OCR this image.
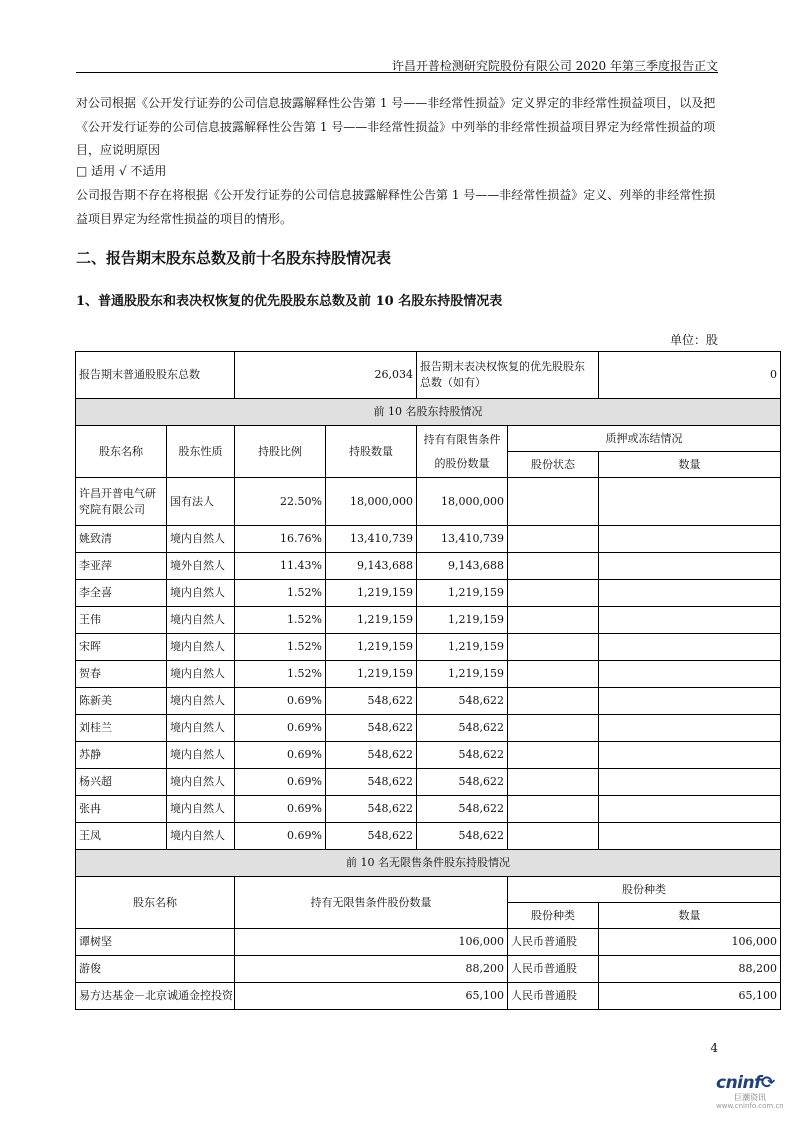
许昌开普检测研究院股份有限公司 2020 年第三季度报告正文
对公司根据《公开发行证券的公司信息披露解释性公告第 1 号——非经常性损益》定义界定的非经常性损益项目，以及把《公开发行证券的公司信息披露解释性公告第 1 号——非经常性损益》中列举的非经常性损益项目界定为经常性损益的项目，应说明原因
□ 适用 √ 不适用
公司报告期不存在将根据《公开发行证券的公司信息披露解释性公告第 1 号——非经常性损益》定义、列举的非经常性损益项目界定为经常性损益的项目的情形。
二、报告期末股东总数及前十名股东持股情况表
1、普通股股东和表决权恢复的优先股股东总数及前 10 名股东持股情况表
单位：股
报告期末普通股股东总数		26,034		报告期末表决权恢复的优先股股东总数（如有）		0
前 10 名股东持股情况						
股东名称	股东性质	持股比例	持股数量	持有有限售条件的股份数量	质押或冻结情况	
					股份状态	数量
许昌开普电气研究院有限公司	国有法人	22.50%	18,000,000	18,000,000		
姚致清	境内自然人	16.76%	13,410,739	13,410,739		
李亚萍	境外自然人	11.43%	9,143,688	9,143,688		
李全喜	境内自然人	1.52%	1,219,159	1,219,159		
王伟	境内自然人	1.52%	1,219,159	1,219,159		
宋晖	境内自然人	1.52%	1,219,159	1,219,159		
贺春	境内自然人	1.52%	1,219,159	1,219,159		
陈新美	境内自然人	0.69%	548,622	548,622		
刘桂兰	境内自然人	0.69%	548,622	548,622		
苏静	境内自然人	0.69%	548,622	548,622		
杨兴超	境内自然人	0.69%	548,622	548,622		
张冉	境内自然人	0.69%	548,622	548,622		
王凤	境内自然人	0.69%	548,622	548,622		
前 10 名无限售条件股东持股情况						
股东名称		持有无限售条件股份数量			股份种类	
					股份种类	数量
谭树坚		106,000			人民币普通股	106,000
游俊		88,200			人民币普通股	88,200
易方达基金－北京诚通金控投资		65,100			人民币普通股	65,100
4
cninf⟳
巨潮资讯
www.cninfo.com.cn
